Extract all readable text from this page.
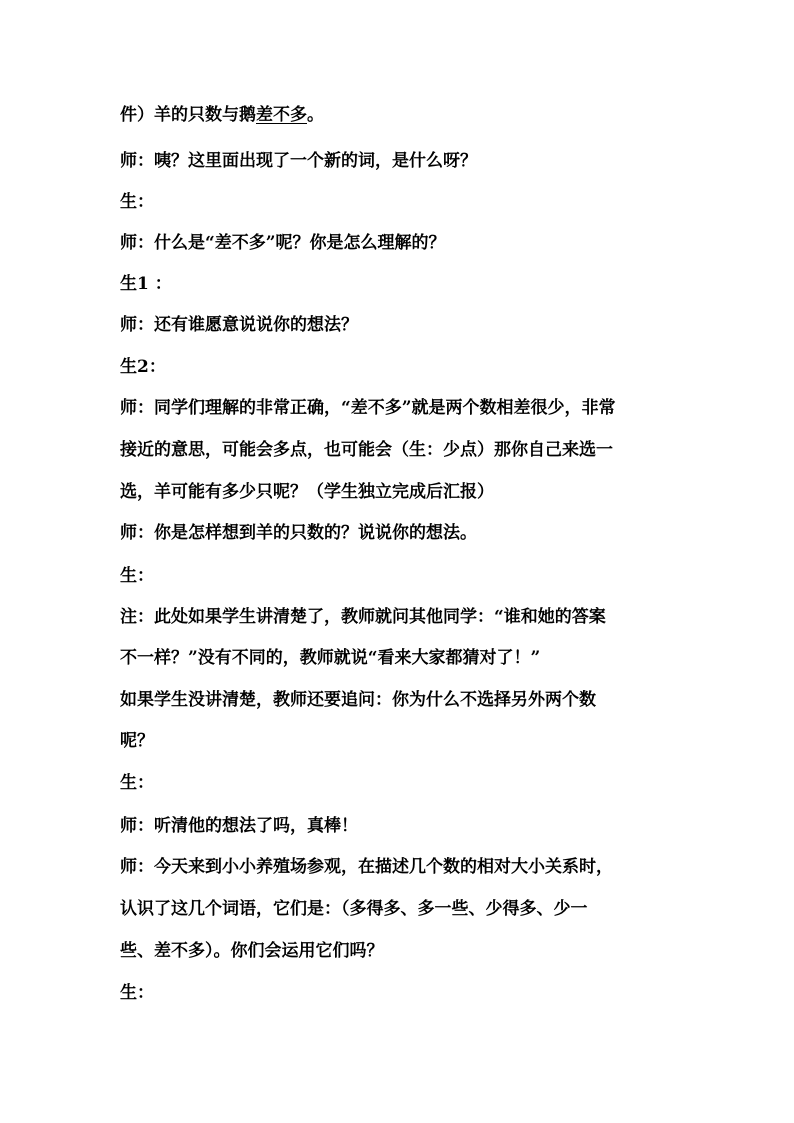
件）羊的只数与鹅差不多。
师：咦？这里面出现了一个新的词，是什么呀？
生：
师：什么是“差不多”呢？你是怎么理解的？
生1 ：
师：还有谁愿意说说你的想法？
生2：
师：同学们理解的非常正确，“差不多”就是两个数相差很少，非常
接近的意思，可能会多点，也可能会（生：少点）那你自己来选一
选，羊可能有多少只呢？（学生独立完成后汇报）
师：你是怎样想到羊的只数的？说说你的想法。
生：
注：此处如果学生讲清楚了，教师就问其他同学：“谁和她的答案
不一样？”没有不同的，教师就说“看来大家都猜对了！”
如果学生没讲清楚，教师还要追问：你为什么不选择另外两个数
呢？
生：
师：听清他的想法了吗，真棒！
师：今天来到小小养殖场参观，在描述几个数的相对大小关系时，
认识了这几个词语，它们是：（多得多、多一些、少得多、少一
些、差不多）。你们会运用它们吗？
生：
